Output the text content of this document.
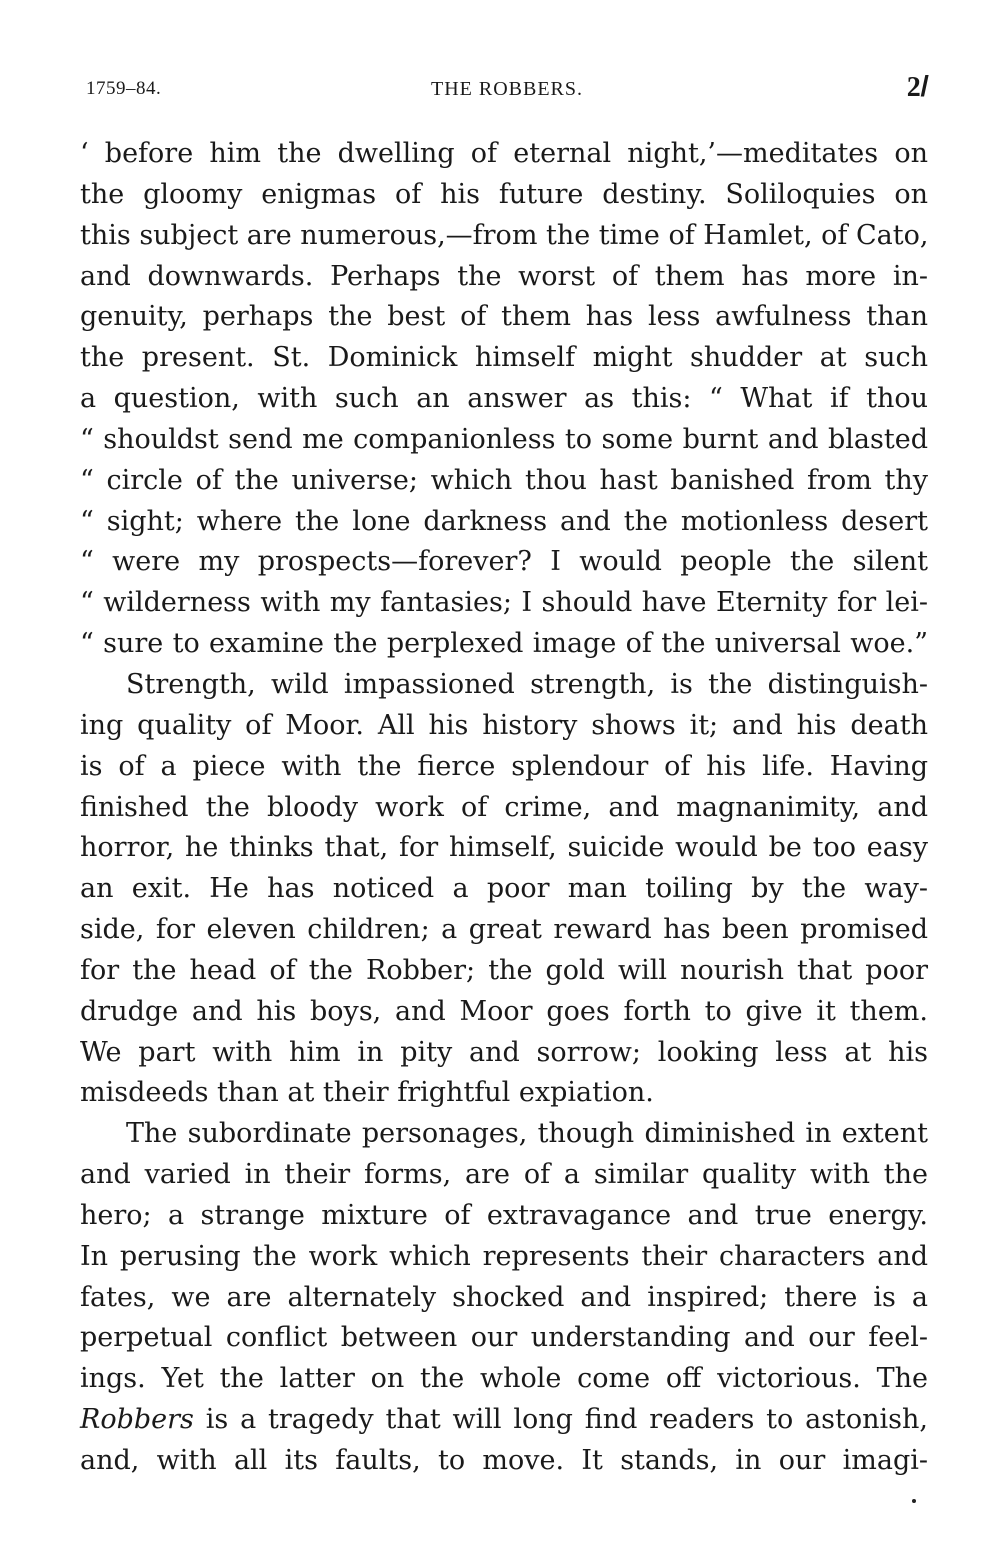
1759–84.	THE ROBBERS.	2𝑙
‘ before him the dwelling of eternal night,’—meditates on
the gloomy enigmas of his future destiny. Soliloquies on
this subject are numerous,—from the time of Hamlet, of Cato,
and downwards. Perhaps the worst of them has more in-
genuity, perhaps the best of them has less awfulness than
the present. St. Dominick himself might shudder at such
a question, with such an answer as this: “ What if thou
“ shouldst send me companionless to some burnt and blasted
“ circle of the universe; which thou hast banished from thy
“ sight; where the lone darkness and the motionless desert
“ were my prospects—forever? I would people the silent
“ wilderness with my fantasies; I should have Eternity for lei-
“ sure to examine the perplexed image of the universal woe.”
Strength, wild impassioned strength, is the distinguish-
ing quality of Moor. All his history shows it; and his death
is of a piece with the fierce splendour of his life. Having
finished the bloody work of crime, and magnanimity, and
horror, he thinks that, for himself, suicide would be too easy
an exit. He has noticed a poor man toiling by the way-
side, for eleven children; a great reward has been promised
for the head of the Robber; the gold will nourish that poor
drudge and his boys, and Moor goes forth to give it them.
We part with him in pity and sorrow; looking less at his
misdeeds than at their frightful expiation.
The subordinate personages, though diminished in extent
and varied in their forms, are of a similar quality with the
hero; a strange mixture of extravagance and true energy.
In perusing the work which represents their characters and
fates, we are alternately shocked and inspired; there is a
perpetual conflict between our understanding and our feel-
ings. Yet the latter on the whole come off victorious. The
Robbers is a tragedy that will long find readers to astonish,
and, with all its faults, to move. It stands, in our imagi-
